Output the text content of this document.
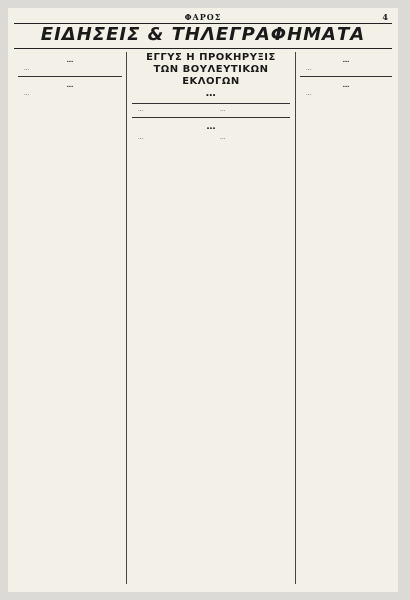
ΦΑΡΟΣ	4
ΕΙΔΗΣΕΙΣ & ΤΗΛΕΓΡΑΦΗΜΑΤΑ
…
…
…
…
ΕΓΓΥΣ Η ΠΡΟΚΗΡΥΞΙΣ ΤΩΝ ΒΟΥΛΕΥΤΙΚΩΝ ΕΚΛΟΓΩΝ
…
…	…
…
…	…
…
…
…
…
